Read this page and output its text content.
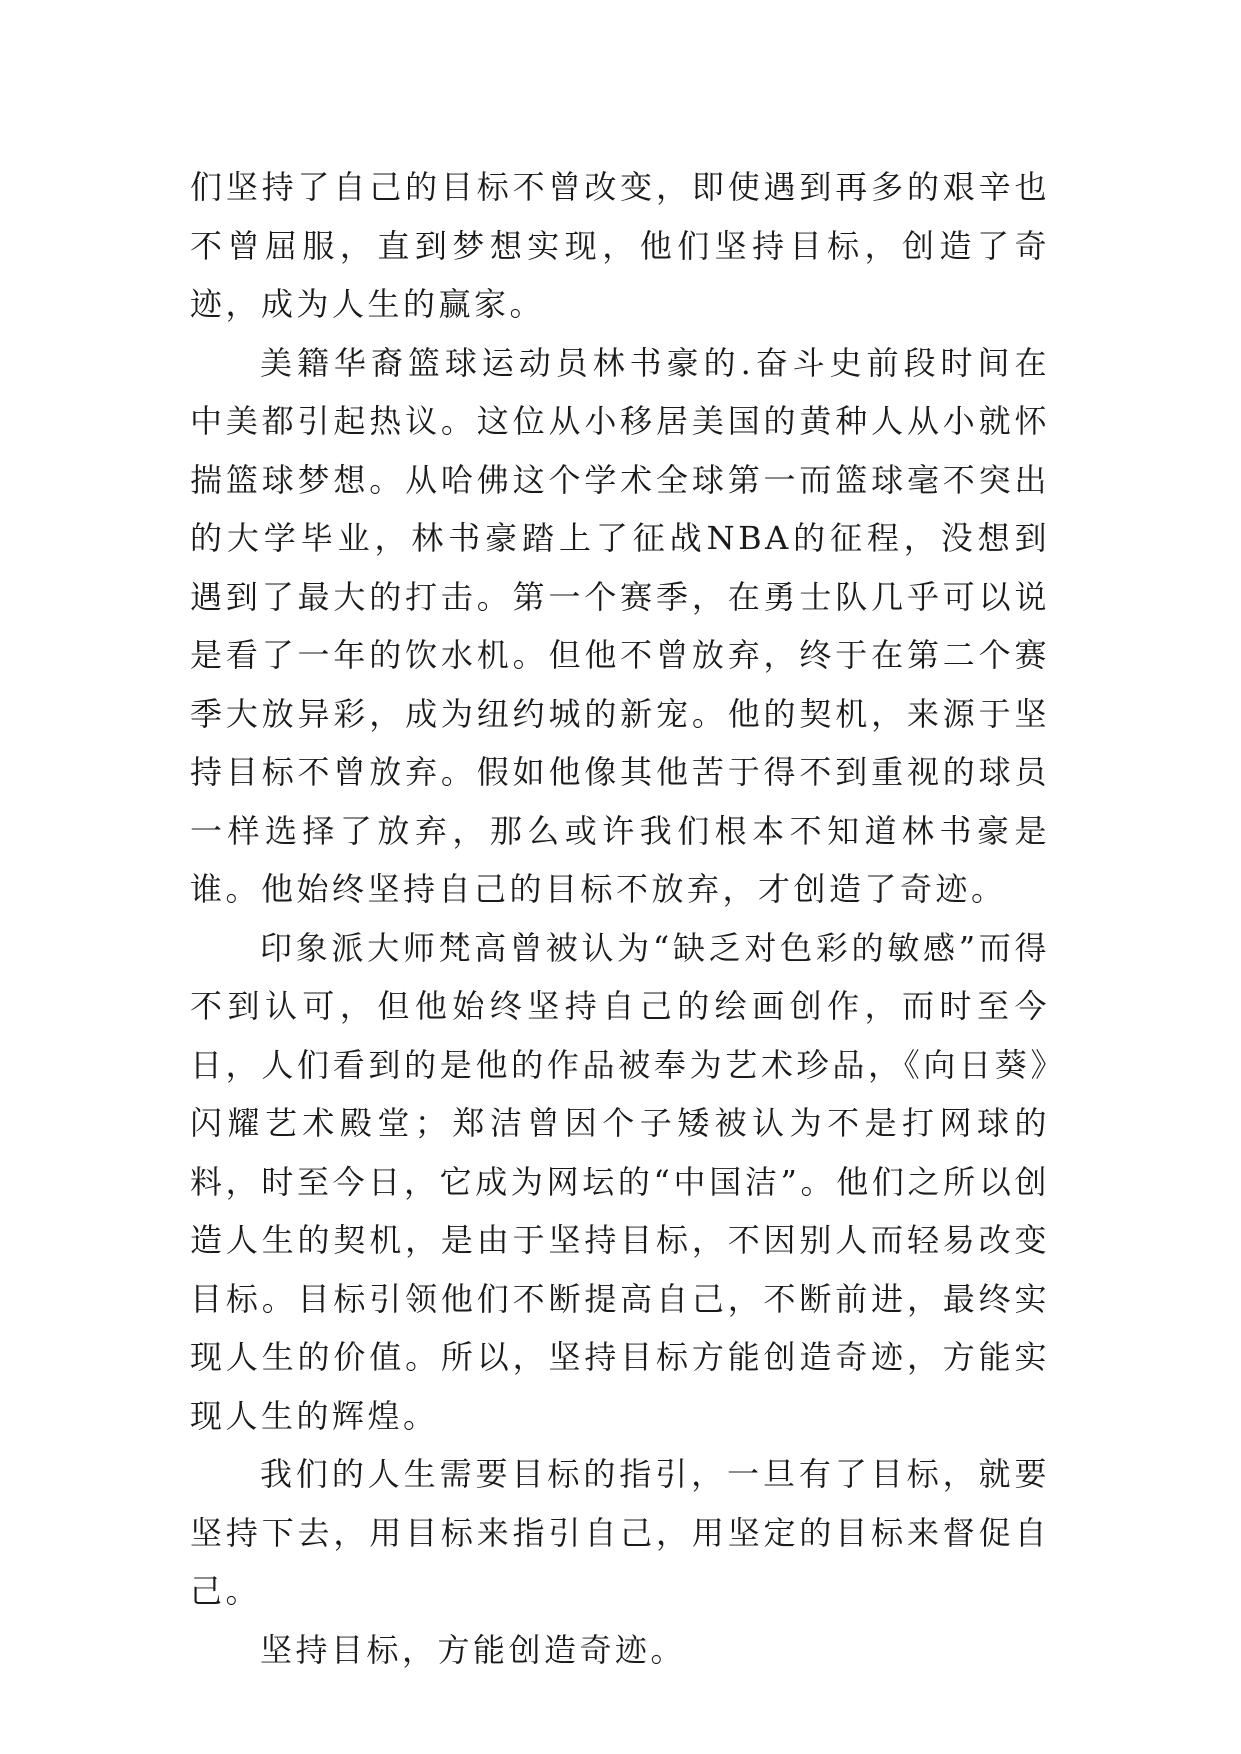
们坚持了自己的目标不曾改变，即使遇到再多的艰辛也不曾屈服，直到梦想实现，他们坚持目标，创造了奇迹，成为人生的赢家。

美籍华裔篮球运动员林书豪的.奋斗史前段时间在中美都引起热议。这位从小移居美国的黄种人从小就怀揣篮球梦想。从哈佛这个学术全球第一而篮球毫不突出的大学毕业，林书豪踏上了征战NBA的征程，没想到遇到了最大的打击。第一个赛季，在勇士队几乎可以说是看了一年的饮水机。但他不曾放弃，终于在第二个赛季大放异彩，成为纽约城的新宠。他的契机，来源于坚持目标不曾放弃。假如他像其他苦于得不到重视的球员一样选择了放弃，那么或许我们根本不知道林书豪是谁。他始终坚持自己的目标不放弃，才创造了奇迹。

印象派大师梵高曾被认为“缺乏对色彩的敏感”而得不到认可，但他始终坚持自己的绘画创作，而时至今日，人们看到的是他的作品被奉为艺术珍品，《向日葵》闪耀艺术殿堂；郑洁曾因个子矮被认为不是打网球的料，时至今日，它成为网坛的“中国洁”。他们之所以创造人生的契机，是由于坚持目标，不因别人而轻易改变目标。目标引领他们不断提高自己，不断前进，最终实现人生的价值。所以，坚持目标方能创造奇迹，方能实现人生的辉煌。

我们的人生需要目标的指引，一旦有了目标，就要坚持下去，用目标来指引自己，用坚定的目标来督促自己。

坚持目标，方能创造奇迹。
